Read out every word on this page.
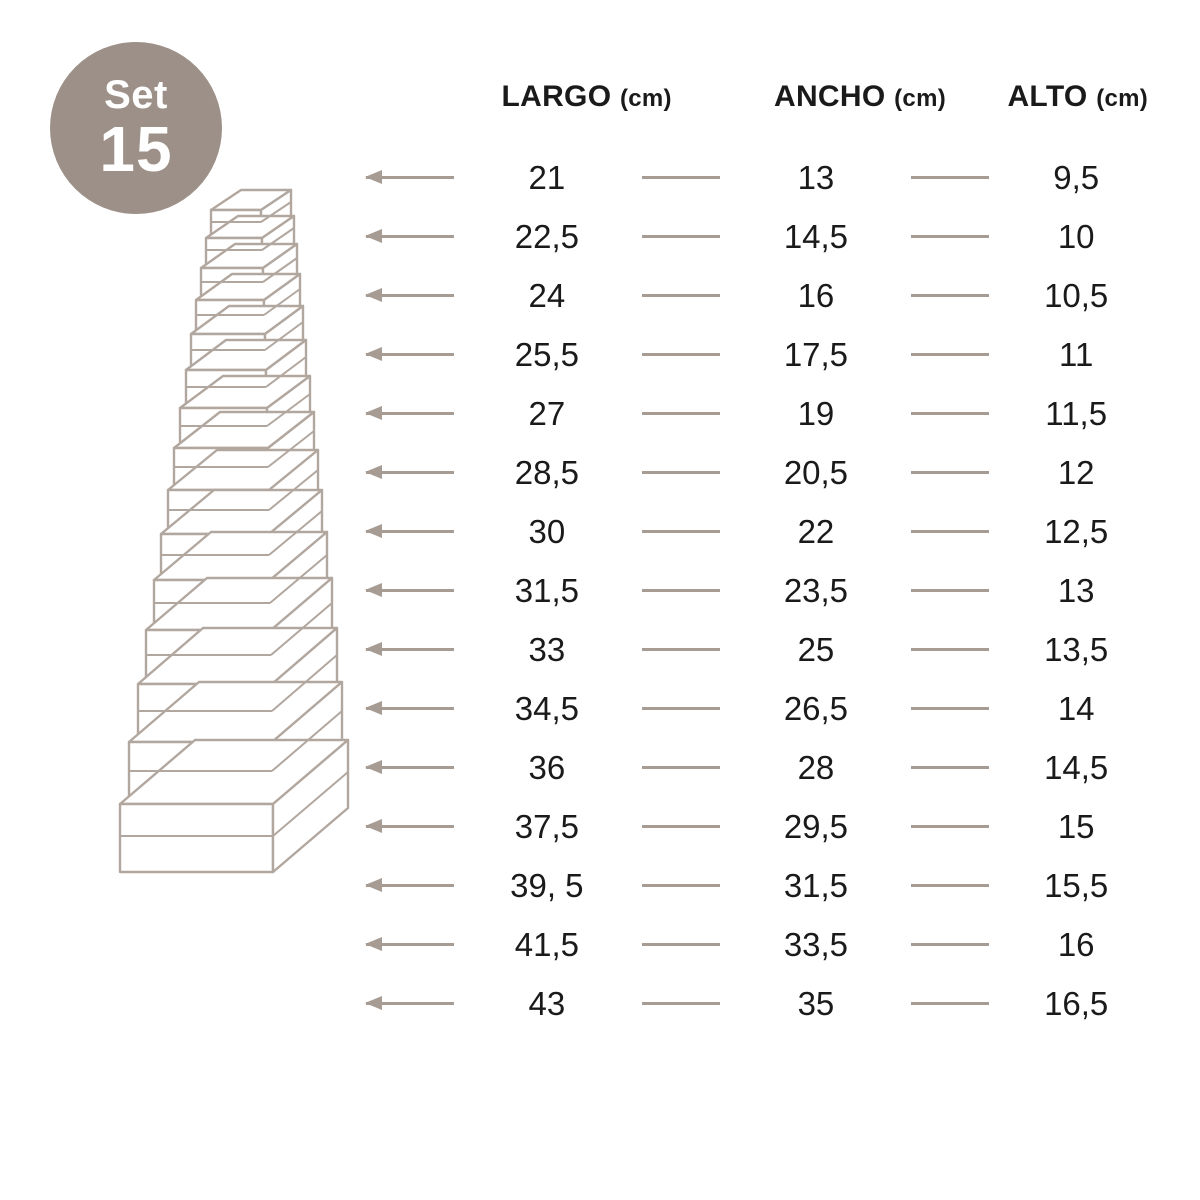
Set
15
LARGO (cm)	ANCHO (cm)	ALTO (cm)
21	13	9,5
22,5	14,5	10
24	16	10,5
25,5	17,5	11
27	19	11,5
28,5	20,5	12
30	22	12,5
31,5	23,5	13
33	25	13,5
34,5	26,5	14
36	28	14,5
37,5	29,5	15
39, 5	31,5	15,5
41,5	33,5	16
43	35	16,5
